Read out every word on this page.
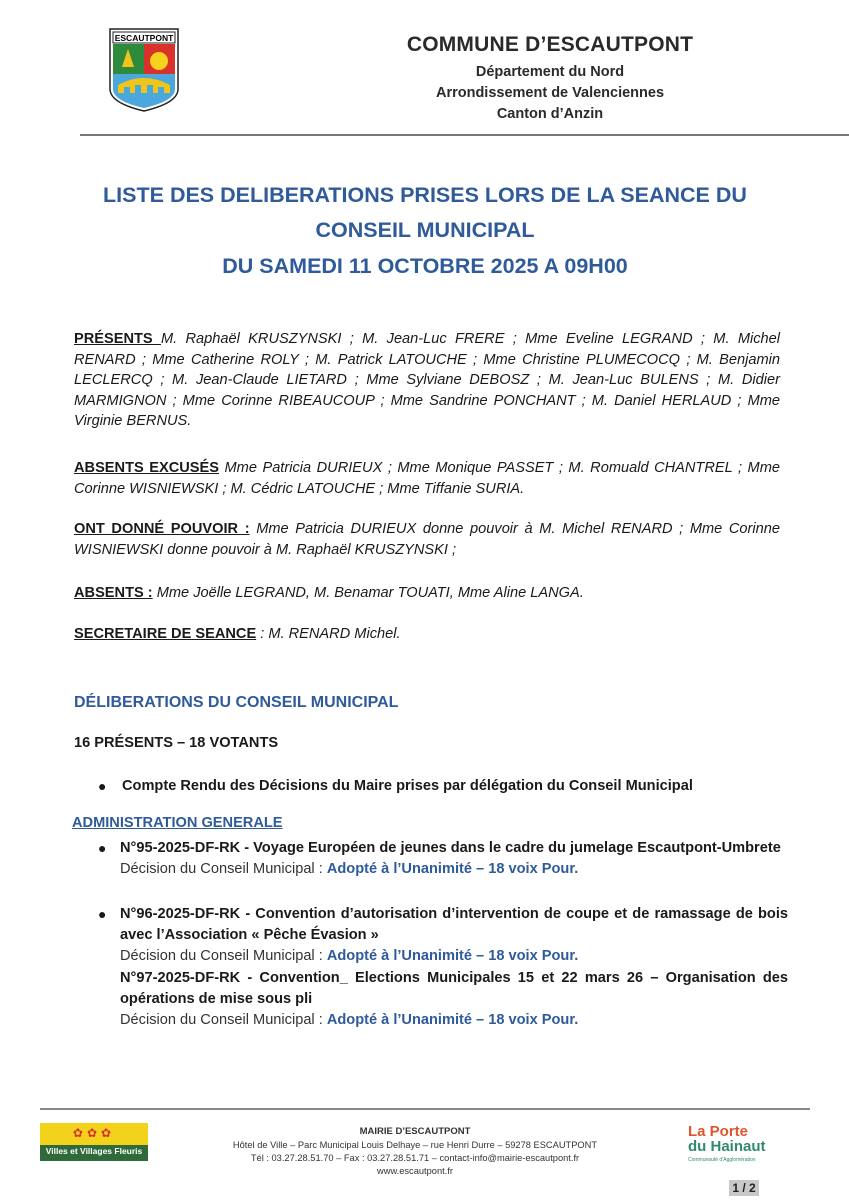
ESCAUTPONT	COMMUNE D’ESCAUTPONT
Département du Nord
Arrondissement de Valenciennes
Canton d’Anzin
LISTE DES DELIBERATIONS PRISES LORS DE LA SEANCE DU
CONSEIL MUNICIPAL
DU SAMEDI 11 OCTOBRE 2025 A 09H00
PRÉSENTS M. Raphaël KRUSZYNSKI ; M. Jean-Luc FRERE ; Mme Eveline LEGRAND ; M. Michel RENARD ; Mme Catherine ROLY ; M. Patrick LATOUCHE ; Mme Christine PLUMECOCQ ; M. Benjamin LECLERCQ ; M. Jean-Claude LIETARD ; Mme Sylviane DEBOSZ ; M. Jean-Luc BULENS ; M. Didier MARMIGNON ; Mme Corinne RIBEAUCOUP ; Mme Sandrine PONCHANT ; M. Daniel HERLAUD ; Mme Virginie BERNUS.
ABSENTS EXCUSÉS Mme Patricia DURIEUX ; Mme Monique PASSET ; M. Romuald CHANTREL ; Mme Corinne WISNIEWSKI ; M. Cédric LATOUCHE ; Mme Tiffanie SURIA.
ONT DONNÉ POUVOIR : Mme Patricia DURIEUX donne pouvoir à M. Michel RENARD ; Mme Corinne WISNIEWSKI donne pouvoir à M. Raphaël KRUSZYNSKI ;
ABSENTS : Mme Joëlle LEGRAND, M. Benamar TOUATI, Mme Aline LANGA.
SECRETAIRE DE SEANCE : M. RENARD Michel.
DÉLIBERATIONS DU CONSEIL MUNICIPAL
16 PRÉSENTS – 18 VOTANTS
● Compte Rendu des Décisions du Maire prises par délégation du Conseil Municipal
ADMINISTRATION GENERALE
● N°95-2025-DF-RK - Voyage Européen de jeunes dans le cadre du jumelage Escautpont-Umbrete
Décision du Conseil Municipal : Adopté à l’Unanimité – 18 voix Pour.
● N°96-2025-DF-RK - Convention d’autorisation d’intervention de coupe et de ramassage de bois avec l’Association « Pêche Évasion »
Décision du Conseil Municipal : Adopté à l’Unanimité – 18 voix Pour.
N°97-2025-DF-RK - Convention_ Elections Municipales 15 et 22 mars 26 – Organisation des opérations de mise sous pli
Décision du Conseil Municipal : Adopté à l’Unanimité – 18 voix Pour.
✿✿✿
Villes et Villages Fleuris
MAIRIE D’ESCAUTPONT
Hôtel de Ville – Parc Municipal Louis Delhaye – rue Henri Durre – 59278 ESCAUTPONT
Tél : 03.27.28.51.70 – Fax : 03.27.28.51.71 – contact-info@mairie-escautpont.fr
www.escautpont.fr
La Porte
du Hainaut
Communauté d’Agglomération
1 / 2
